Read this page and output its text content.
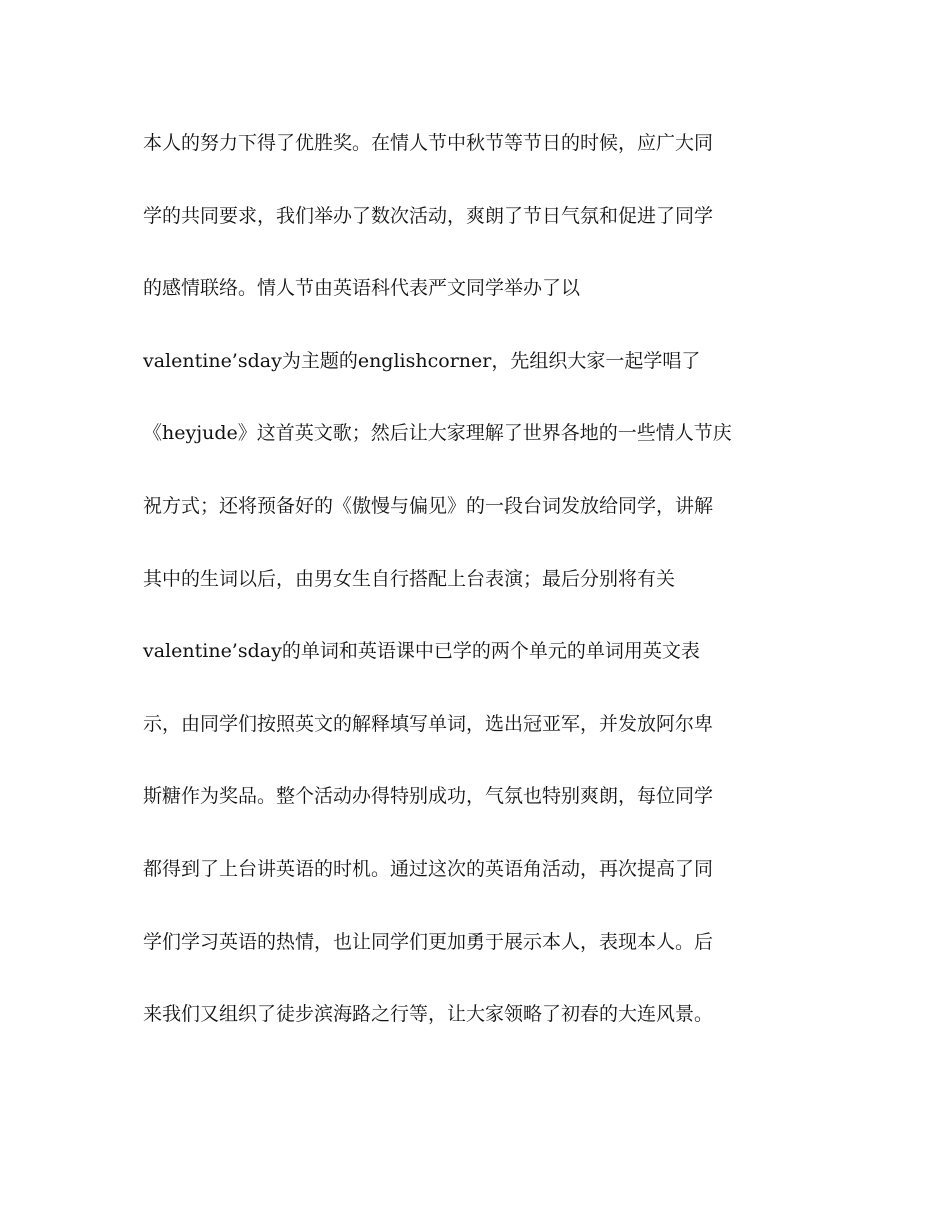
本人的努力下得了优胜奖。在情人节中秋节等节日的时候，应广大同
学的共同要求，我们举办了数次活动，爽朗了节日气氛和促进了同学
的感情联络。情人节由英语科代表严文同学举办了以
valentine’sday为主题的englishcorner，先组织大家一起学唱了
《heyjude》这首英文歌；然后让大家理解了世界各地的一些情人节庆
祝方式；还将预备好的《傲慢与偏见》的一段台词发放给同学，讲解
其中的生词以后，由男女生自行搭配上台表演；最后分别将有关
valentine’sday的单词和英语课中已学的两个单元的单词用英文表
示，由同学们按照英文的解释填写单词，选出冠亚军，并发放阿尔卑
斯糖作为奖品。整个活动办得特别成功，气氛也特别爽朗，每位同学
都得到了上台讲英语的时机。通过这次的英语角活动，再次提高了同
学们学习英语的热情，也让同学们更加勇于展示本人，表现本人。后
来我们又组织了徒步滨海路之行等，让大家领略了初春的大连风景。
